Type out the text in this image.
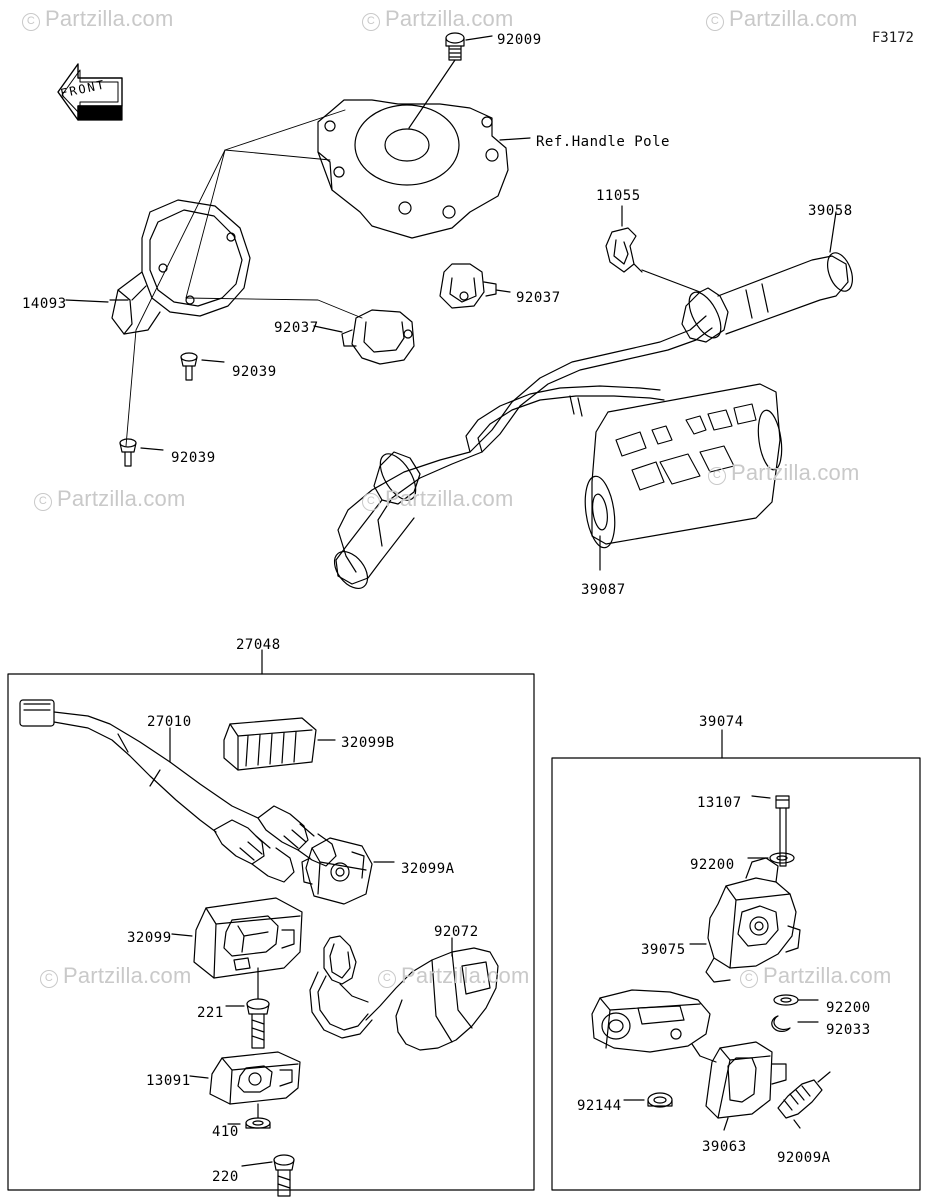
F3172
FRONT
92009
Ref.Handle Pole
11055
39058
92037
92037
14093
92039
92039
39087
27048
27010
32099B
32099A
32099	92072
221
13091
410
220
39074
13107
92200
39075
92200
92033
92144
39063
92009A
C Partzilla.com	C Partzilla.com	C Partzilla.com
C Partzilla.com	C Partzilla.com
C Partzilla.com
C Partzilla.com	C Partzilla.com	C Partzilla.com
